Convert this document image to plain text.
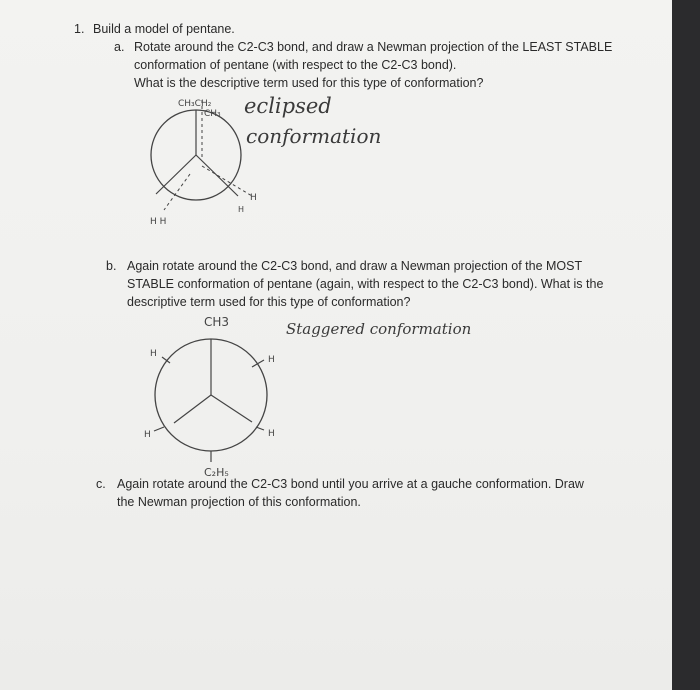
1. Build a model of pentane.
a. Rotate around the C2-C3 bond, and draw a Newman projection of the LEAST STABLE
conformation of pentane (with respect to the C2-C3 bond).
What is the descriptive term used for this type of conformation?
eclipsed
conformation
CH₃CH₂
CH₃
H
H
H H
b. Again rotate around the C2-C3 bond, and draw a Newman projection of the MOST
STABLE conformation of pentane (again, with respect to the C2-C3 bond). What is the
descriptive term used for this type of conformation?
Staggered conformation
CH3
H
H
H	H
C₂H₅
c. Again rotate around the C2-C3 bond until you arrive at a gauche conformation. Draw
the Newman projection of this conformation.
